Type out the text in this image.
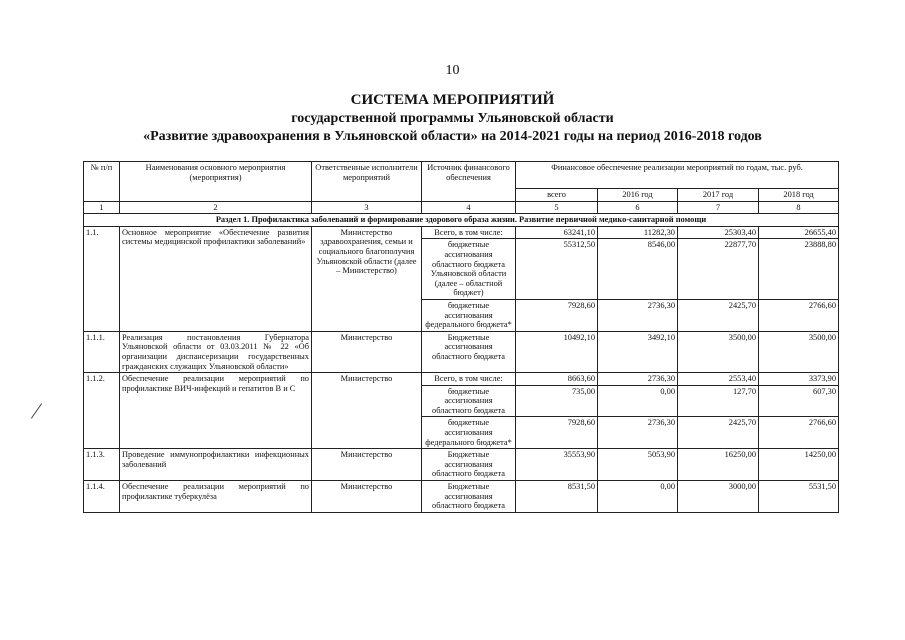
10
СИСТЕМА МЕРОПРИЯТИЙ
государственной программы Ульяновской области
«Развитие здравоохранения в Ульяновской области» на 2014-2021 годы на период 2016-2018 годов
№ п/п	Наименования основного мероприятия (мероприятия)	Ответственные исполнители мероприятий	Источник финансового обеспечения	Финансовое обеспечение реализации мероприятий по годам, тыс. руб.			
				всего	2016 год	2017 год	2018 год
1	2	3	4	5	6	7	8
Раздел 1. Профилактика заболеваний и формирование здорового образа жизни. Развитие первичной медико-санитарной помощи							
1.1.	Основное мероприятие «Обеспечение развития системы медицинской профилактики заболеваний»	Министерство здравоохранения, семьи и социального благополучия Ульяновской области (далее – Министерство)	Всего, в том числе:	63241,10	11282,30	25303,40	26655,40
			бюджетные ассигнования областного бюджета Ульяновской области (далее – областной бюджет)	55312,50	8546,00	22877,70	23888,80
			бюджетные ассигнования федерального бюджета*	7928,60	2736,30	2425,70	2766,60
1.1.1.	Реализация постановления Губернатора Ульяновской области от 03.03.2011 № 22 «Об организации диспансеризации государственных гражданских служащих Ульяновской области»	Министерство	Бюджетные ассигнования областного бюджета	10492,10	3492,10	3500,00	3500,00
1.1.2.	Обеспечение реализации мероприятий по профилактике ВИЧ-инфекций и гепатитов В и С	Министерство	Всего, в том числе:	8663,60	2736,30	2553,40	3373,90
			бюджетные ассигнования областного бюджета	735,00	0,00	127,70	607,30
			бюджетные ассигнования федерального бюджета*	7928,60	2736,30	2425,70	2766,60
1.1.3.	Проведение иммунопрофилактики инфекционных заболеваний	Министерство	Бюджетные ассигнования областного бюджета	35553,90	5053,90	16250,00	14250,00
1.1.4.	Обеспечение реализации мероприятий по профилактике туберкулёза	Министерство	Бюджетные ассигнования областного бюджета	8531,50	0,00	3000,00	5531,50
